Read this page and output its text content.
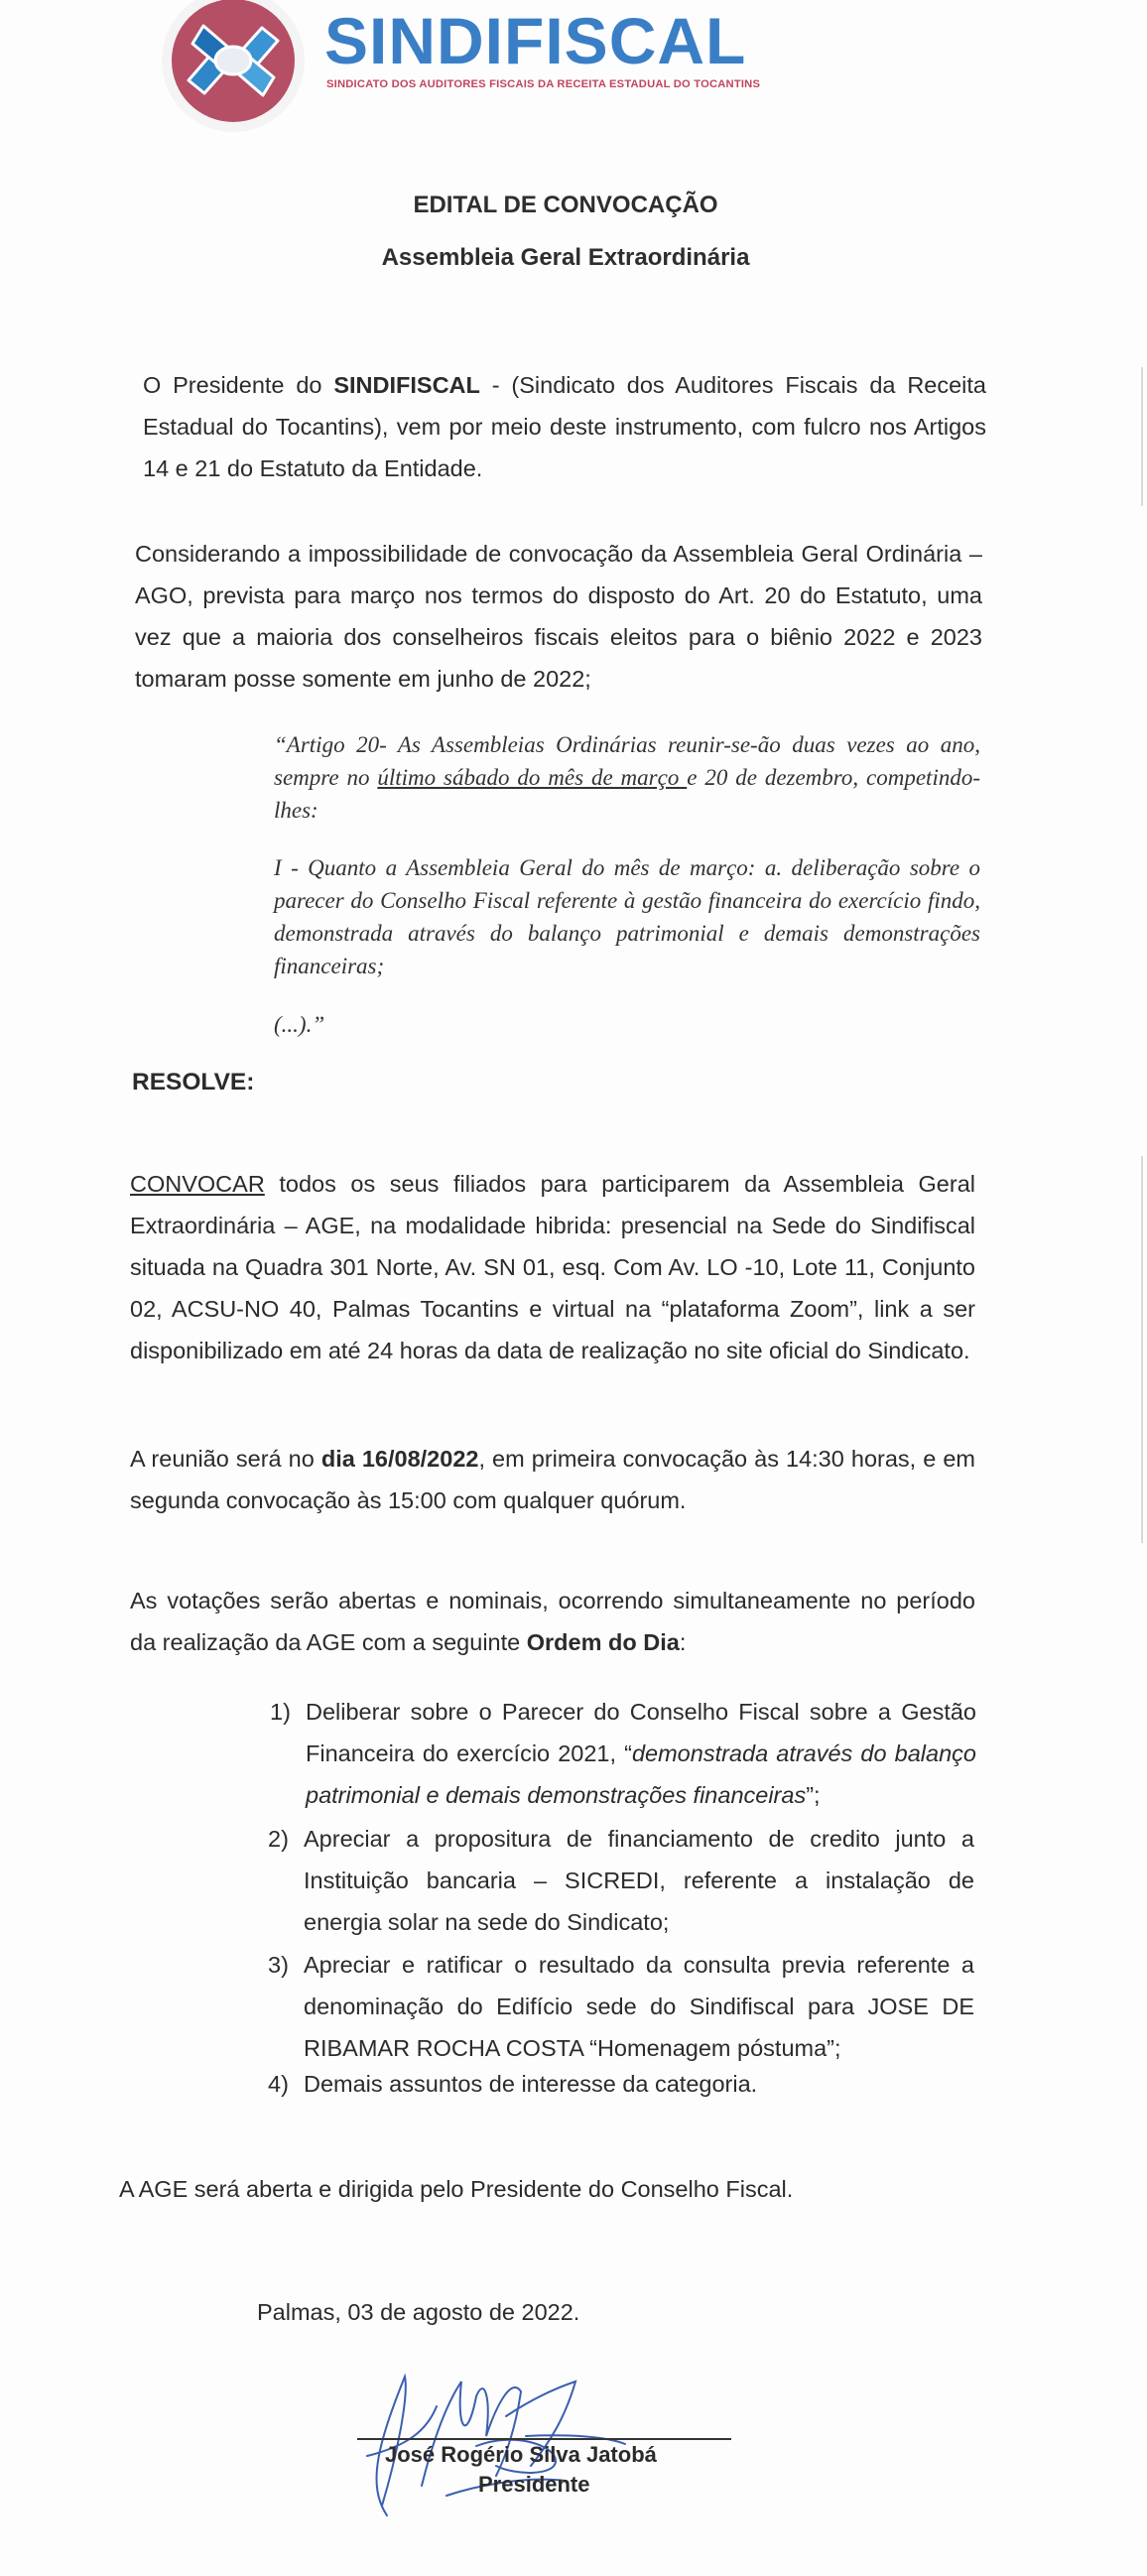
SINDIFISCAL
SINDICATO DOS AUDITORES FISCAIS DA RECEITA ESTADUAL DO TOCANTINS
EDITAL DE CONVOCAÇÃO
Assembleia Geral Extraordinária
O Presidente do SINDIFISCAL - (Sindicato dos Auditores Fiscais da Receita Estadual do Tocantins), vem por meio deste instrumento, com fulcro nos Artigos 14 e 21 do Estatuto da Entidade.
Considerando a impossibilidade de convocação da Assembleia Geral Ordinária – AGO, prevista para março nos termos do disposto do Art. 20 do Estatuto, uma vez que a maioria dos conselheiros fiscais eleitos para o biênio 2022 e 2023 tomaram posse somente em junho de 2022;
“Artigo 20- As Assembleias Ordinárias reunir-se-ão duas vezes ao ano, sempre no último sábado do mês de março e 20 de dezembro, competindo-lhes:
I - Quanto a Assembleia Geral do mês de março: a. deliberação sobre o parecer do Conselho Fiscal referente à gestão financeira do exercício findo, demonstrada através do balanço patrimonial e demais demonstrações financeiras;
(...).”
RESOLVE:
CONVOCAR todos os seus filiados para participarem da Assembleia Geral Extraordinária – AGE, na modalidade hibrida: presencial na Sede do Sindifiscal situada na Quadra 301 Norte, Av. SN 01, esq. Com Av. LO -10, Lote 11, Conjunto 02, ACSU-NO 40, Palmas Tocantins e virtual na “plataforma Zoom”, link a ser disponibilizado em até 24 horas da data de realização no site oficial do Sindicato.
A reunião será no dia 16/08/2022, em primeira convocação às 14:30 horas, e em segunda convocação às 15:00 com qualquer quórum.
As votações serão abertas e nominais, ocorrendo simultaneamente no período da realização da AGE com a seguinte Ordem do Dia:
1) Deliberar sobre o Parecer do Conselho Fiscal sobre a Gestão Financeira do exercício 2021, “demonstrada através do balanço patrimonial e demais demonstrações financeiras”;
2) Apreciar a propositura de financiamento de credito junto a Instituição bancaria – SICREDI, referente a instalação de energia solar na sede do Sindicato;
3) Apreciar e ratificar o resultado da consulta previa referente a denominação do Edifício sede do Sindifiscal para JOSE DE RIBAMAR ROCHA COSTA “Homenagem póstuma”;
4) Demais assuntos de interesse da categoria.
A AGE será aberta e dirigida pelo Presidente do Conselho Fiscal.
Palmas, 03 de agosto de 2022.
José Rogério Silva Jatobá
Presidente
